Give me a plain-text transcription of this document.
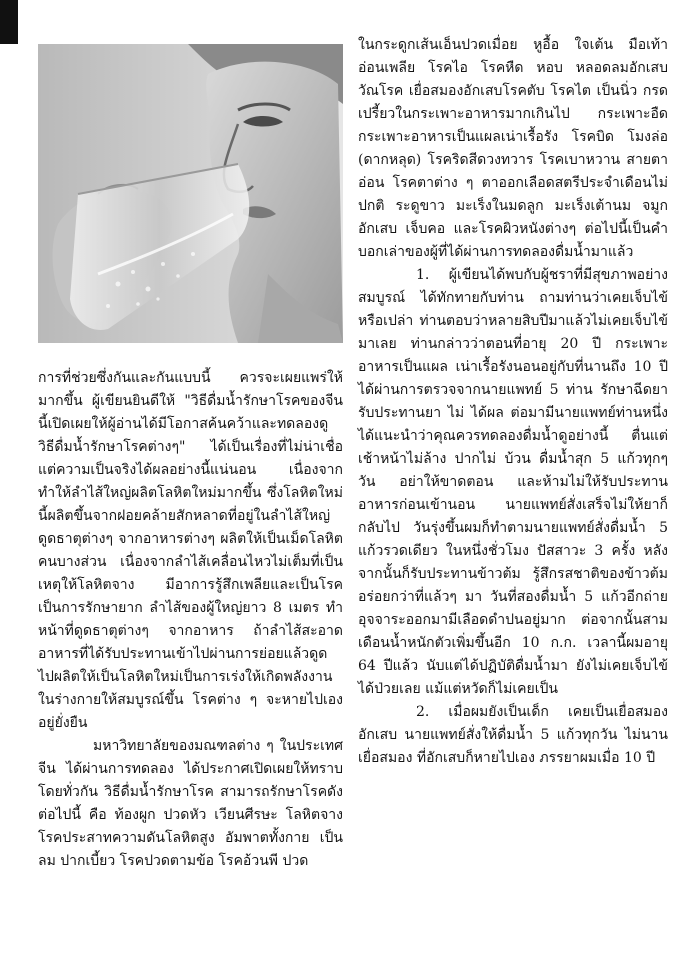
การที่ช่วยซึ่งกันและกันแบบนี้ ควรจะเผยแพร่ให้มากขึ้น ผู้เขียนยินดีให้ "วิธีดื่มน้ำรักษาโรคของจีนนี้เปิดเผยให้ผู้อ่านได้มีโอกาสค้นคว้าและทดลองดู วิธีดื่มน้ำรักษาโรคต่างๆ" ได้เป็นเรื่องที่ไม่น่าเชื่อ แต่ความเป็นจริงได้ผลอย่างนี้แน่นอน เนื่องจากทำให้ลำไส้ใหญ่ผลิตโลหิตใหม่มากขึ้น ซึ่งโลหิตใหม่นี้ผลิตขึ้นจากฝอยคล้ายสักหลาดที่อยู่ในลำไส้ใหญ่ดูดธาตุต่างๆ จากอาหารต่างๆ ผลิตให้เป็นเม็ดโลหิต คนบางส่วน เนื่องจากลำไส้เคลื่อนไหวไม่เต็มที่เป็นเหตุให้โลหิตจาง มีอาการรู้สึกเพลียและเป็นโรคเป็นการรักษายาก ลำไส้ของผู้ใหญ่ยาว 8 เมตร ทำหน้าที่ดูดธาตุต่างๆ จากอาหาร ถ้าลำไส้สะอาดอาหารที่ได้รับประทานเข้าไปผ่านการย่อยแล้วดูดไปผลิตให้เป็นโลหิตใหม่เป็นการเร่งให้เกิดพลังงานในร่างกายให้สมบูรณ์ขึ้น โรคต่าง ๆ จะหายไปเองอยู่ยั่งยืน

มหาวิทยาลัยของมณฑลต่าง ๆ ในประเทศจีน ได้ผ่านการทดลอง ได้ประกาศเปิดเผยให้ทราบโดยทั่วกัน วิธีดื่มน้ำรักษาโรค สามารถรักษาโรคดังต่อไปนี้ คือ ท้องผูก ปวดหัว เวียนศีรษะ โลหิตจาง โรคประสาทความดันโลหิตสูง อัมพาตทั้งกาย เป็นลม ปากเบี้ยว โรคปวดตามข้อ โรคอ้วนพี ปวด

ในกระดูกเส้นเอ็นปวดเมื่อย หูอื้อ ใจเต้น มือเท้าอ่อนเพลีย โรคไอ โรคหืด หอบ หลอดลมอักเสบ วัณโรค เยื่อสมองอักเสบโรคตับ โรคไต เป็นนิ่ว กรดเปรี้ยวในกระเพาะอาหารมากเกินไป กระเพาะอืด กระเพาะอาหารเป็นแผลเน่าเรื้อรัง โรคบิด โมงล่อ (ดากหลุด) โรคริดสีดวงทวาร โรคเบาหวาน สายตาอ่อน โรคตาต่าง ๆ ตาออกเลือดสตรีประจำเดือนไม่ปกติ ระดูขาว มะเร็งในมดลูก มะเร็งเต้านม จมูกอักเสบ เจ็บคอ และโรคผิวหนังต่างๆ ต่อไปนี้เป็นคำบอกเล่าของผู้ที่ได้ผ่านการทดลองดื่มน้ำมาแล้ว

1. ผู้เขียนได้พบกับผู้ชราที่มีสุขภาพอย่างสมบูรณ์ ได้ทักทายกับท่าน ถามท่านว่าเคยเจ็บไข้หรือเปล่า ท่านตอบว่าหลายสิบปีมาแล้วไม่เคยเจ็บไข้มาเลย ท่านกล่าวว่าตอนที่อายุ 20 ปี กระเพาะอาหารเป็นแผล เน่าเรื้อรังนอนอยู่กับที่นานถึง 10 ปี ได้ผ่านการตรวจจากนายแพทย์ 5 ท่าน รักษาฉีดยา รับประทานยา ไม่ ได้ผล ต่อมามีนายแพทย์ท่านหนึ่งได้แนะนำว่าคุณควรทดลองดื่มน้ำดูอย่างนี้ ตื่นแต่เช้าหน้าไม่ล้าง ปากไม่ บ้วน ดื่มน้ำสุก 5 แก้วทุกๆ วัน อย่าให้ขาดตอน และห้ามไม่ให้รับประทานอาหารก่อนเข้านอน นายแพทย์สั่งเสร็จไม่ให้ยาก็กลับไป วันรุ่งขึ้นผมก็ทำตามนายแพทย์สั่งดื่มน้ำ 5 แก้วรวดเดียว ในหนึ่งชั่วโมง ปัสสาวะ 3 ครั้ง หลังจากนั้นก็รับประทานข้าวต้ม รู้สึกรสชาติของข้าวต้มอร่อยกว่าที่แล้วๆ มา วันที่สองดื่มน้ำ 5 แก้วอีกถ่ายอุจจาระออกมามีเลือดดำปนอยู่มาก ต่อจากนั้นสามเดือนน้ำหนักตัวเพิ่มขึ้นอีก 10 ก.ก. เวลานี้ผมอายุ 64 ปีแล้ว นับแต่ได้ปฏิบัติดื่มน้ำมา ยังไม่เคยเจ็บไข้ได้ป่วยเลย แม้แต่หวัดก็ไม่เคยเป็น

2. เมื่อผมยังเป็นเด็ก เคยเป็นเยื่อสมองอักเสบ นายแพทย์สั่งให้ดื่มน้ำ 5 แก้วทุกวัน ไม่นานเยื่อสมอง ที่อักเสบก็หายไปเอง ภรรยาผมเมื่อ 10 ปี
